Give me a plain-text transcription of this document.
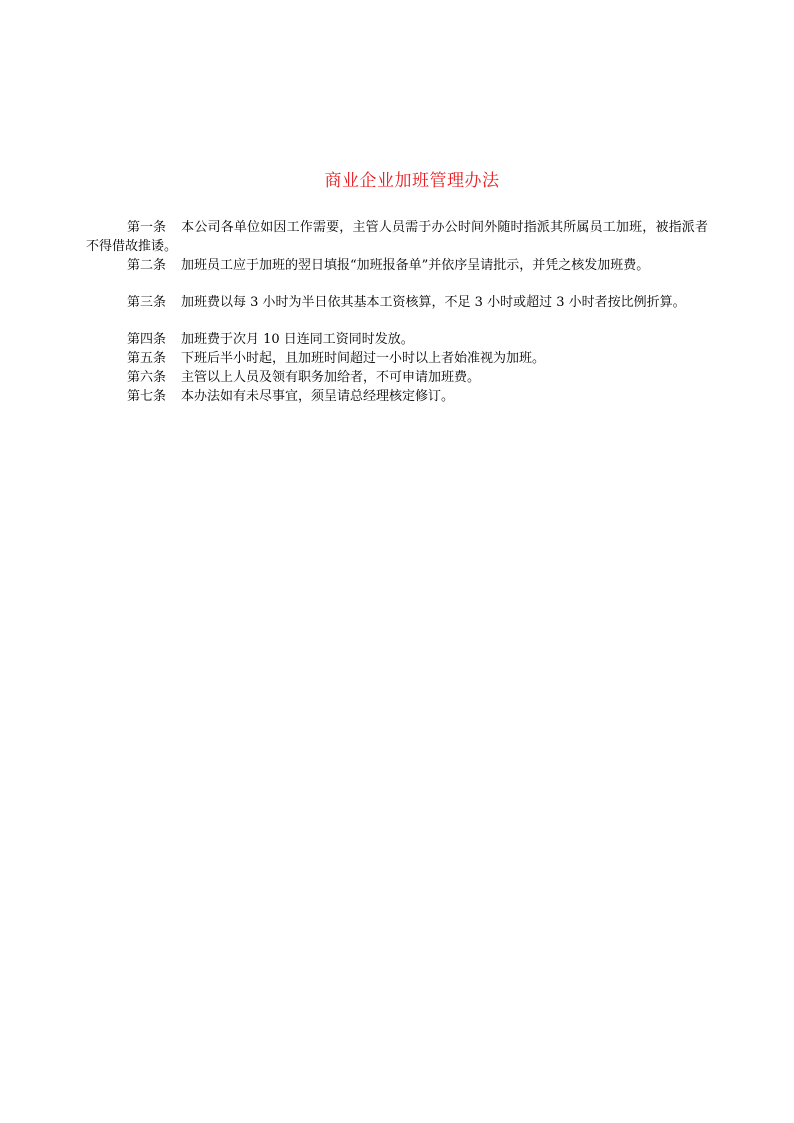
商业企业加班管理办法

第一条 本公司各单位如因工作需要，主管人员需于办公时间外随时指派其所属员工加班，被指派者不得借故推诿。

第二条 加班员工应于加班的翌日填报“加班报备单”并依序呈请批示，并凭之核发加班费。

第三条 加班费以每 3 小时为半日依其基本工资核算，不足 3 小时或超过 3 小时者按比例折算。

第四条 加班费于次月 10 日连同工资同时发放。

第五条 下班后半小时起，且加班时间超过一小时以上者始准视为加班。

第六条 主管以上人员及领有职务加给者，不可申请加班费。

第七条 本办法如有未尽事宜，须呈请总经理核定修订。
